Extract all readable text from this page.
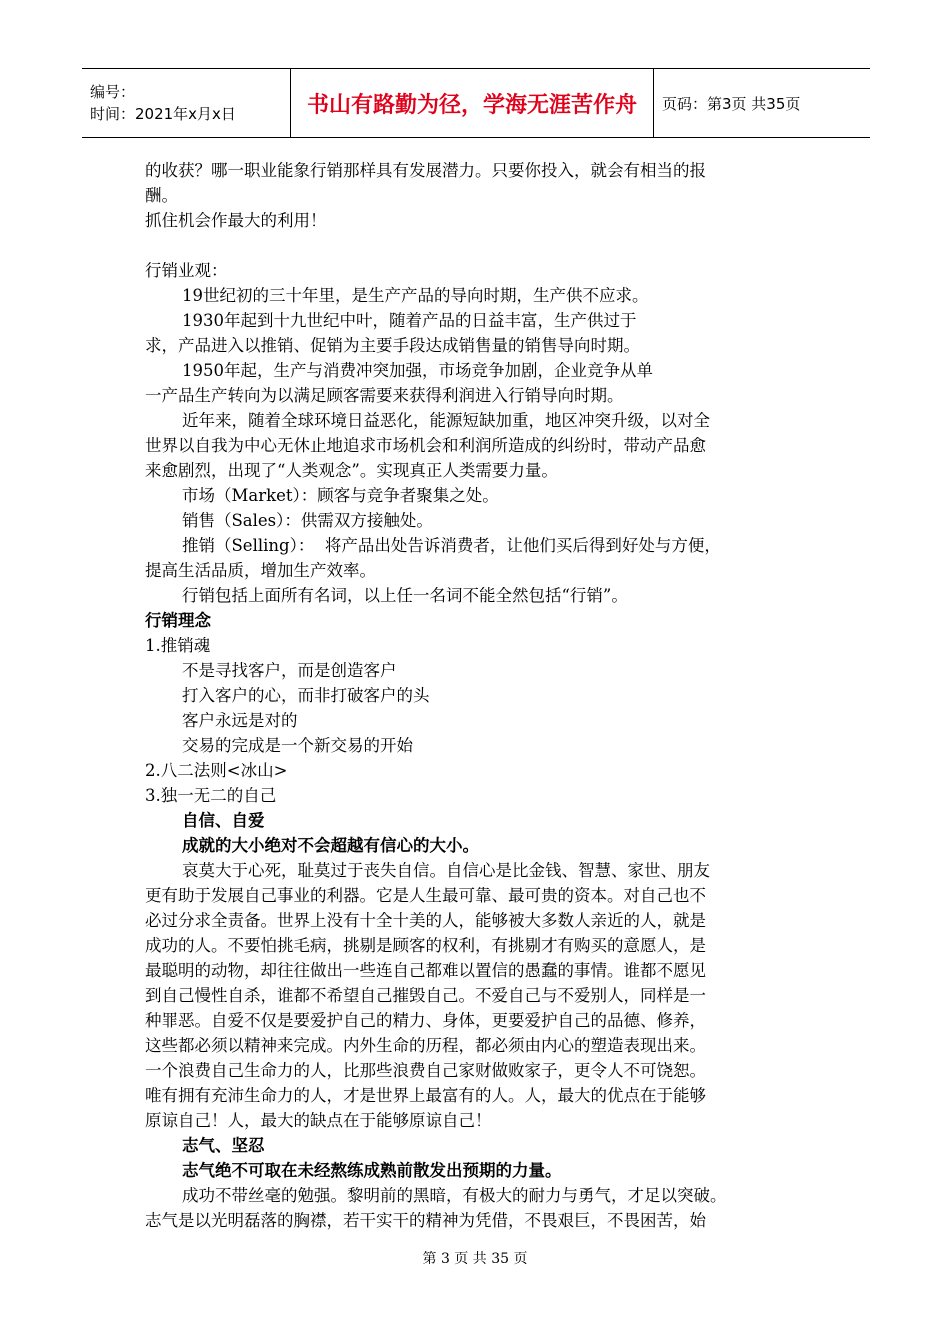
编号：
时间：2021年x月x日	书山有路勤为径，学海无涯苦作舟	页码：第3页 共35页

的收获？哪一职业能象行销那样具有发展潜力。只要你投入，就会有相当的报

酬。

抓住机会作最大的利用！

行销业观：

19世纪初的三十年里，是生产产品的导向时期，生产供不应求。

1930年起到十九世纪中叶，随着产品的日益丰富，生产供过于

求，产品进入以推销、促销为主要手段达成销售量的销售导向时期。

1950年起，生产与消费冲突加强，市场竞争加剧，企业竞争从单

一产品生产转向为以满足顾客需要来获得利润进入行销导向时期。

近年来，随着全球环境日益恶化，能源短缺加重，地区冲突升级，以对全

世界以自我为中心无休止地追求市场机会和利润所造成的纠纷时，带动产品愈

来愈剧烈，出现了“人类观念”。实现真正人类需要力量。

市场（Market）：顾客与竞争者聚集之处。

销售（Sales）：供需双方接触处。

推销（Selling）：  将产品出处告诉消费者，让他们买后得到好处与方便，

提高生活品质，增加生产效率。

行销包括上面所有名词，以上任一名词不能全然包括“行销”。

行销理念

1.推销魂

不是寻找客户，而是创造客户

打入客户的心，而非打破客户的头

客户永远是对的

交易的完成是一个新交易的开始

2.八二法则<冰山>

3.独一无二的自己

自信、自爱

成就的大小绝对不会超越有信心的大小。

哀莫大于心死，耻莫过于丧失自信。自信心是比金钱、智慧、家世、朋友

更有助于发展自己事业的利器。它是人生最可靠、最可贵的资本。对自己也不

必过分求全责备。世界上没有十全十美的人，能够被大多数人亲近的人，就是

成功的人。不要怕挑毛病，挑剔是顾客的权利，有挑剔才有购买的意愿人，是

最聪明的动物，却往往做出一些连自己都难以置信的愚蠢的事情。谁都不愿见

到自己慢性自杀，谁都不希望自己摧毁自己。不爱自己与不爱别人，同样是一

种罪恶。自爱不仅是要爱护自己的精力、身体，更要爱护自己的品德、修养，

这些都必须以精神来完成。内外生命的历程，都必须由内心的塑造表现出来。

一个浪费自己生命力的人，比那些浪费自己家财做败家子，更令人不可饶恕。

唯有拥有充沛生命力的人，才是世界上最富有的人。人，最大的优点在于能够

原谅自己！人，最大的缺点在于能够原谅自己！

志气、坚忍

志气绝不可取在未经熬练成熟前散发出预期的力量。

成功不带丝毫的勉强。黎明前的黑暗，有极大的耐力与勇气，才足以突破。

志气是以光明磊落的胸襟，若干实干的精神为凭借，不畏艰巨，不畏困苦，始

第 3 页 共 35 页
